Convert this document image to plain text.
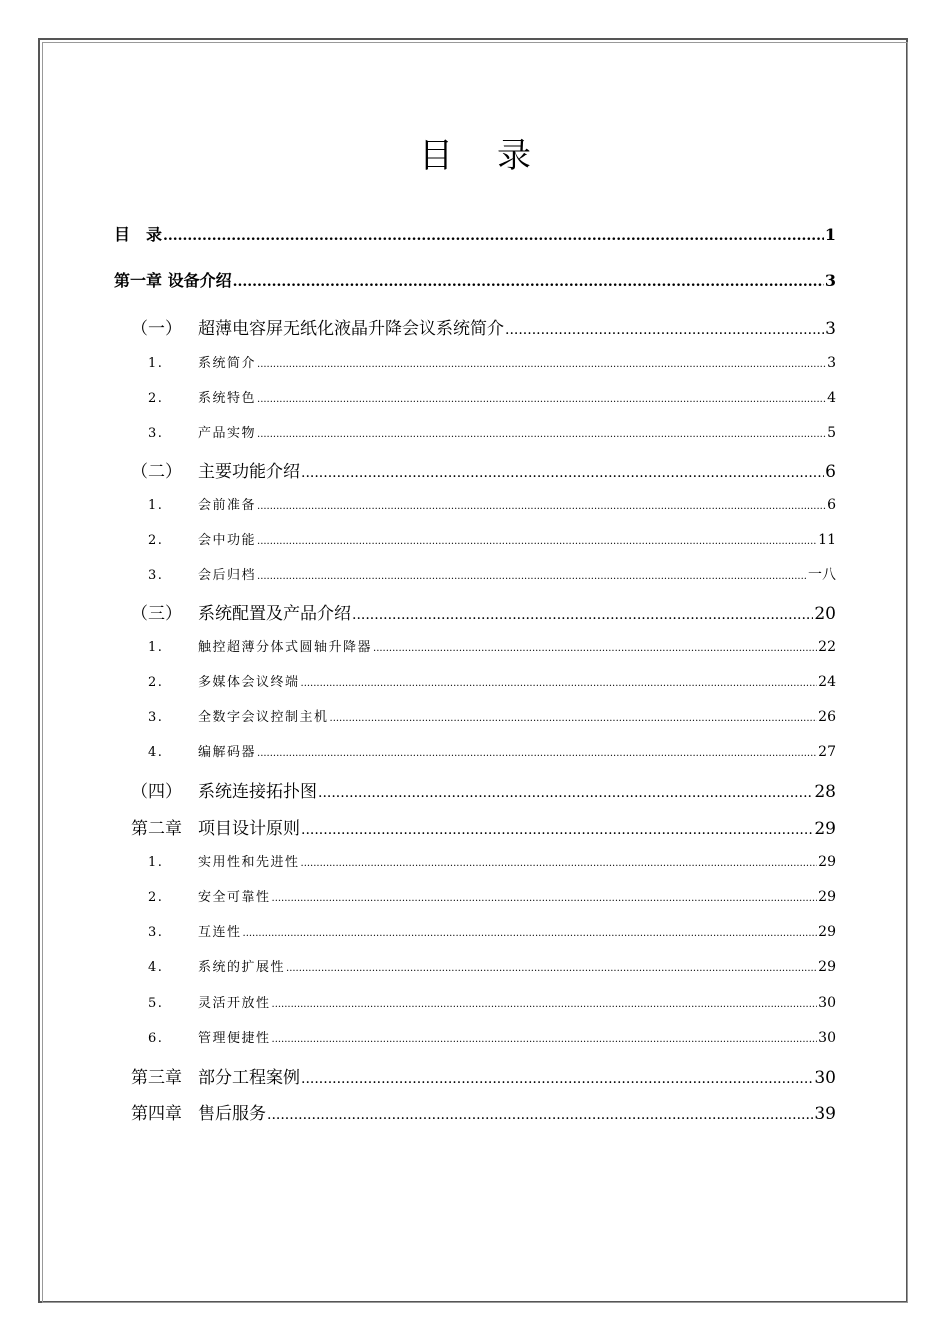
目 录
目　录 .....	1
第一章 设备介绍 .....	3
（一） 超薄电容屏无纸化液晶升降会议系统简介 .....	3
1.	系统简介 .....	3
2.	系统特色 .....	4
3.	产品实物 .....	5
（二） 主要功能介绍 .....	6
1.	会前准备 .....	6
2.	会中功能 .....	11
3.	会后归档 .....	一八
（三） 系统配置及产品介绍 .....	20
1.	触控超薄分体式圆轴升降器 .....	22
2.	多媒体会议终端 .....	24
3.	全数字会议控制主机 .....	26
4.	编解码器 .....	27
（四） 系统连接拓扑图 .....	28
第二章 项目设计原则 .....	29
1.	实用性和先进性 .....	29
2.	安全可靠性 .....	29
3.	互连性 .....	29
4.	系统的扩展性 .....	29
5.	灵活开放性 .....	30
6.	管理便捷性 .....	30
第三章 部分工程案例 .....	30
第四章 售后服务 .....	39
